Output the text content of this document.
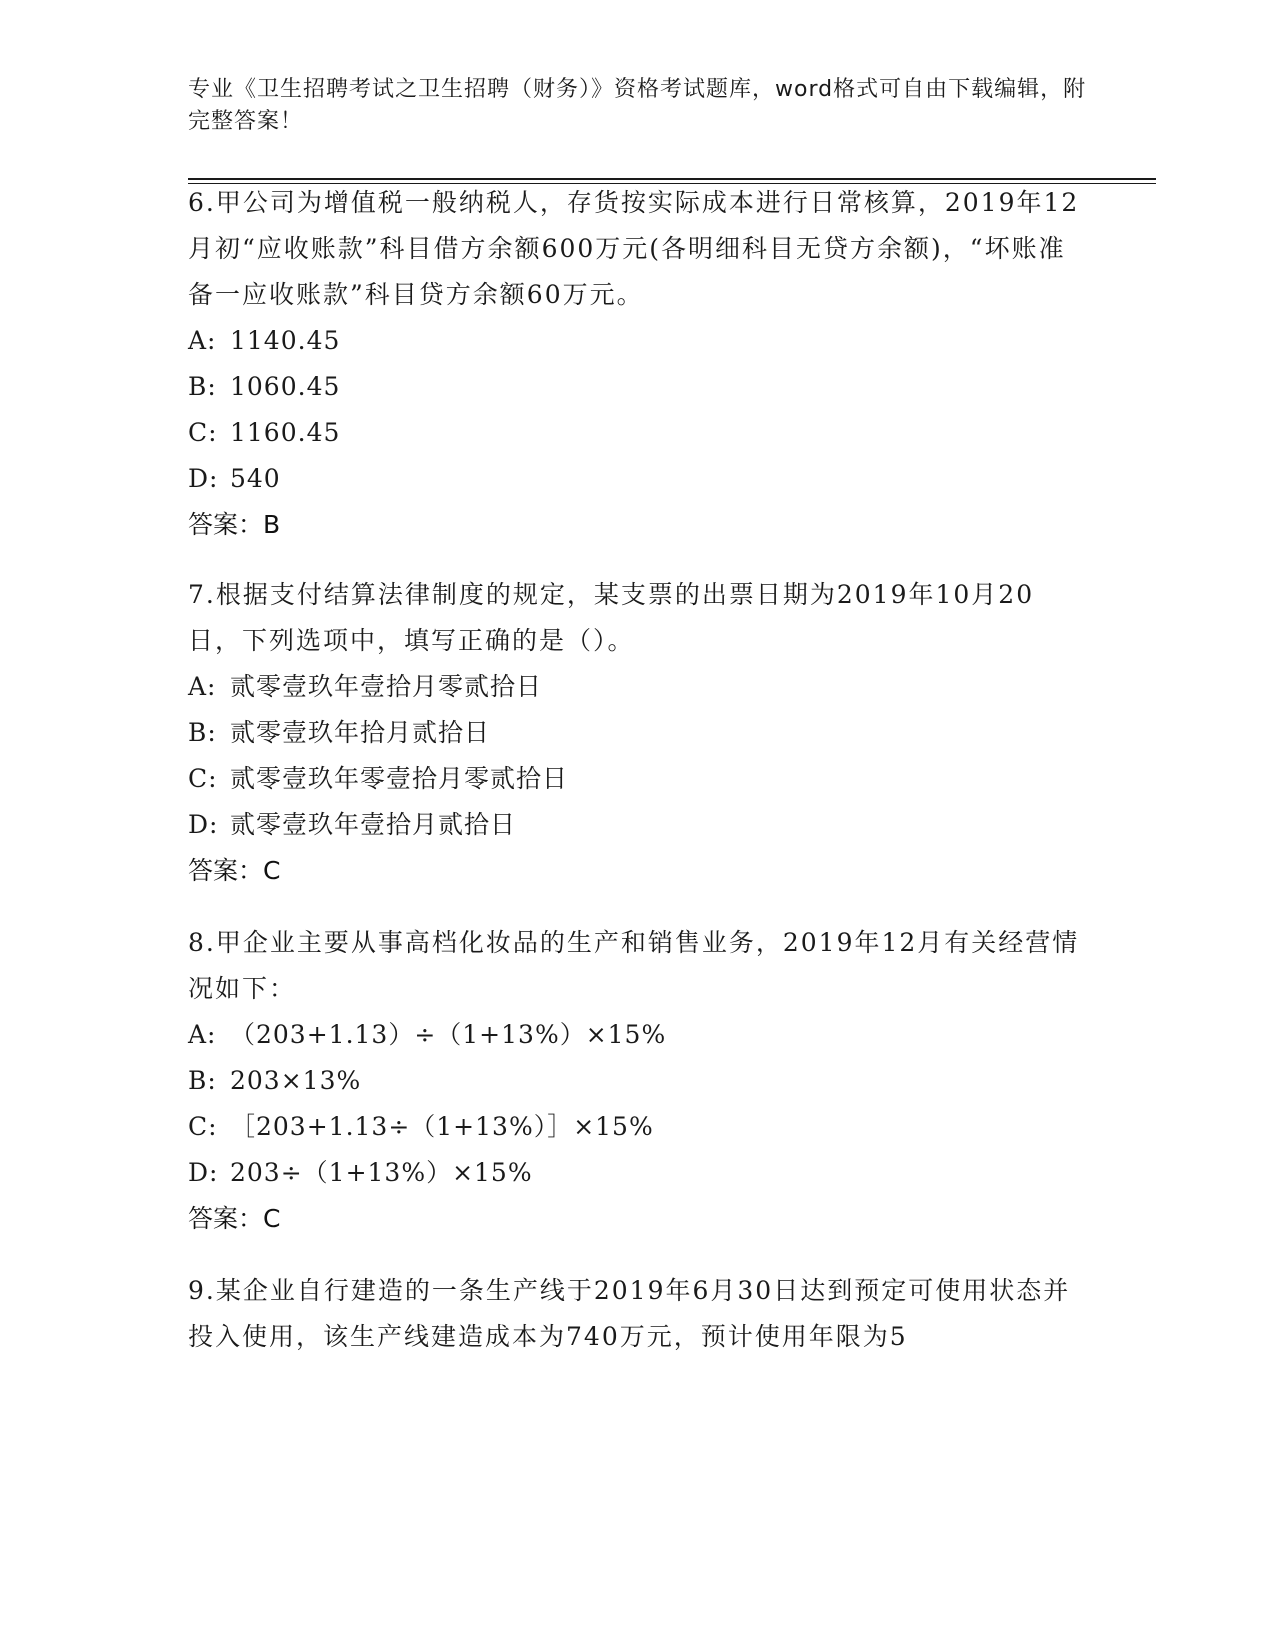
专业《卫生招聘考试之卫生招聘（财务）》资格考试题库，word格式可自由下载编辑，附完整答案！

6.甲公司为增值税一般纳税人，存货按实际成本进行日常核算，2019年12月初“应收账款”科目借方余额600万元(各明细科目无贷方余额)，“坏账准备一应收账款”科目贷方余额60万元。

A: 1140.45

B: 1060.45

C: 1160.45

D: 540

答案：B

7.根据支付结算法律制度的规定，某支票的出票日期为2019年10月20日，下列选项中，填写正确的是（）。

A: 贰零壹玖年壹拾月零贰拾日

B: 贰零壹玖年拾月贰拾日

C: 贰零壹玖年零壹拾月零贰拾日

D: 贰零壹玖年壹拾月贰拾日

答案：C

8.甲企业主要从事高档化妆品的生产和销售业务，2019年12月有关经营情况如下：

A: （203+1.13）÷（1+13%）×15%

B: 203×13%

C: ［203+1.13÷（1+13%）］×15%

D: 203÷（1+13%）×15%

答案：C

9.某企业自行建造的一条生产线于2019年6月30日达到预定可使用状态并投入使用，该生产线建造成本为740万元，预计使用年限为5
